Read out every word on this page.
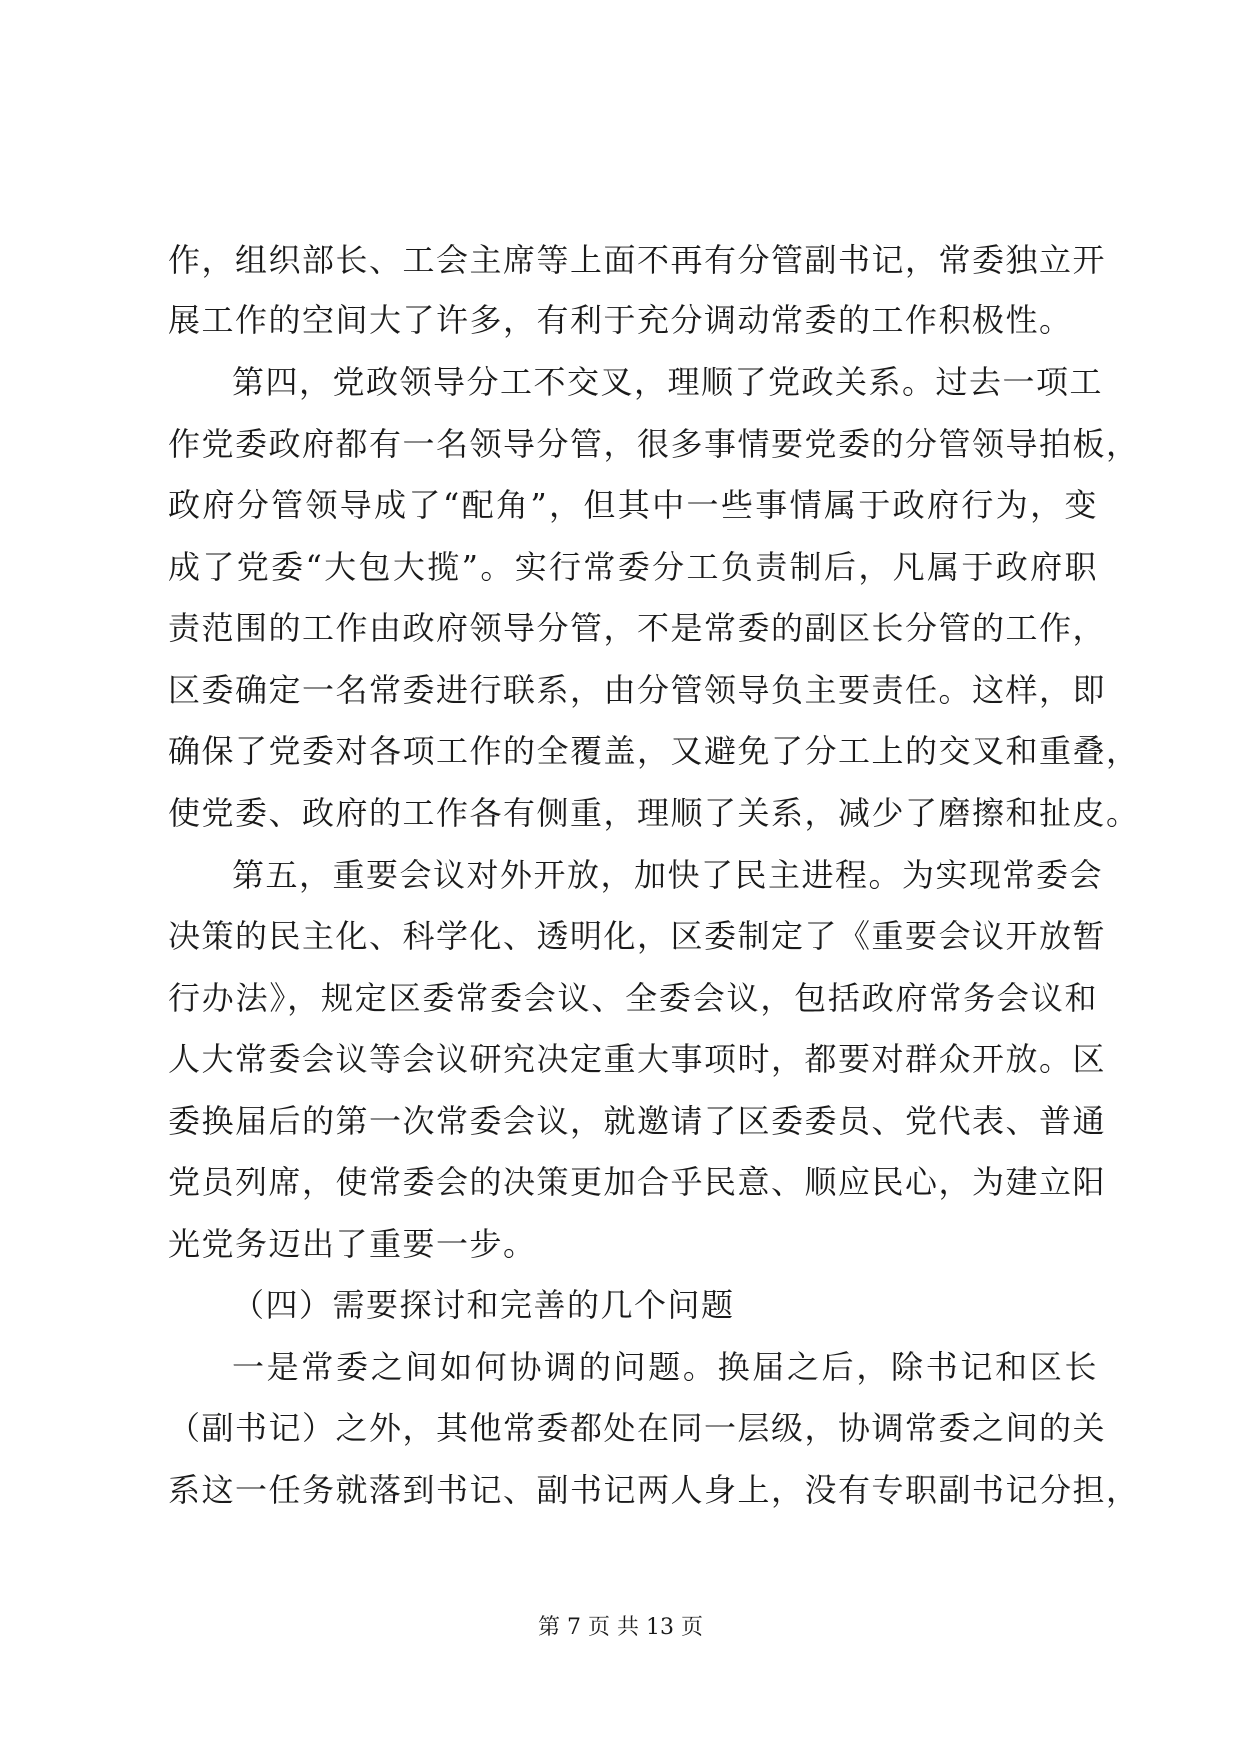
作，组织部长、工会主席等上面不再有分管副书记，常委独立开
展工作的空间大了许多，有利于充分调动常委的工作积极性。
第四，党政领导分工不交叉，理顺了党政关系。过去一项工
作党委政府都有一名领导分管，很多事情要党委的分管领导拍板，
政府分管领导成了“配角”，但其中一些事情属于政府行为，变
成了党委“大包大揽”。实行常委分工负责制后，凡属于政府职
责范围的工作由政府领导分管，不是常委的副区长分管的工作，
区委确定一名常委进行联系，由分管领导负主要责任。这样，即
确保了党委对各项工作的全覆盖，又避免了分工上的交叉和重叠，
使党委、政府的工作各有侧重，理顺了关系，减少了磨擦和扯皮。
第五，重要会议对外开放，加快了民主进程。为实现常委会
决策的民主化、科学化、透明化，区委制定了《重要会议开放暂
行办法》，规定区委常委会议、全委会议，包括政府常务会议和
人大常委会议等会议研究决定重大事项时，都要对群众开放。区
委换届后的第一次常委会议，就邀请了区委委员、党代表、普通
党员列席，使常委会的决策更加合乎民意、顺应民心，为建立阳
光党务迈出了重要一步。
（四）需要探讨和完善的几个问题
一是常委之间如何协调的问题。换届之后，除书记和区长
（副书记）之外，其他常委都处在同一层级，协调常委之间的关
系这一任务就落到书记、副书记两人身上，没有专职副书记分担，
第 7 页 共 13 页
